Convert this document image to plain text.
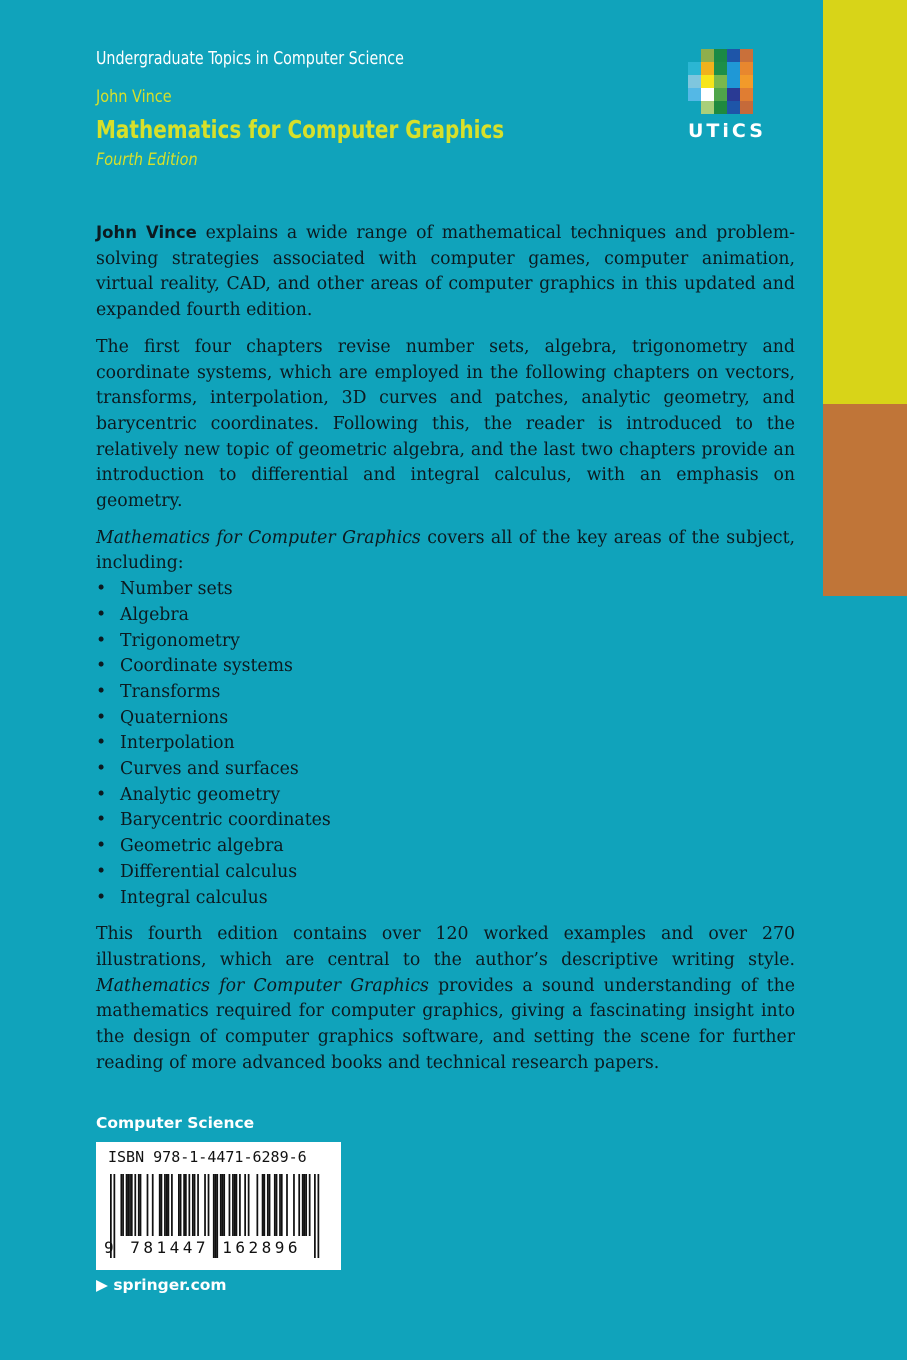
Undergraduate Topics in Computer Science
John Vince
Mathematics for Computer Graphics
Fourth Edition
UTiCS

John Vince explains a wide range of mathematical techniques and problem-solving strategies associated with computer games, computer animation, virtual reality, CAD, and other areas of computer graphics in this updated and expanded fourth edition.

The first four chapters revise number sets, algebra, trigonometry and coordinate systems, which are employed in the following chapters on vectors, transforms, interpolation, 3D curves and patches, analytic geometry, and barycentric coordinates. Following this, the reader is introduced to the relatively new topic of geometric algebra, and the last two chapters provide an introduction to differential and integral calculus, with an emphasis on geometry.

Mathematics for Computer Graphics covers all of the key areas of the subject, including:
• Number sets
• Algebra
• Trigonometry
• Coordinate systems
• Transforms
• Quaternions
• Interpolation
• Curves and surfaces
• Analytic geometry
• Barycentric coordinates
• Geometric algebra
• Differential calculus
• Integral calculus

This fourth edition contains over 120 worked examples and over 270 illustrations, which are central to the author’s descriptive writing style. Mathematics for Computer Graphics provides a sound understanding of the mathematics required for computer graphics, giving a fascinating insight into the design of computer graphics software, and setting the scene for further reading of more advanced books and technical research papers.

Computer Science
ISBN 978-1-4471-6289-6
9 781447 162896
▶ springer.com
